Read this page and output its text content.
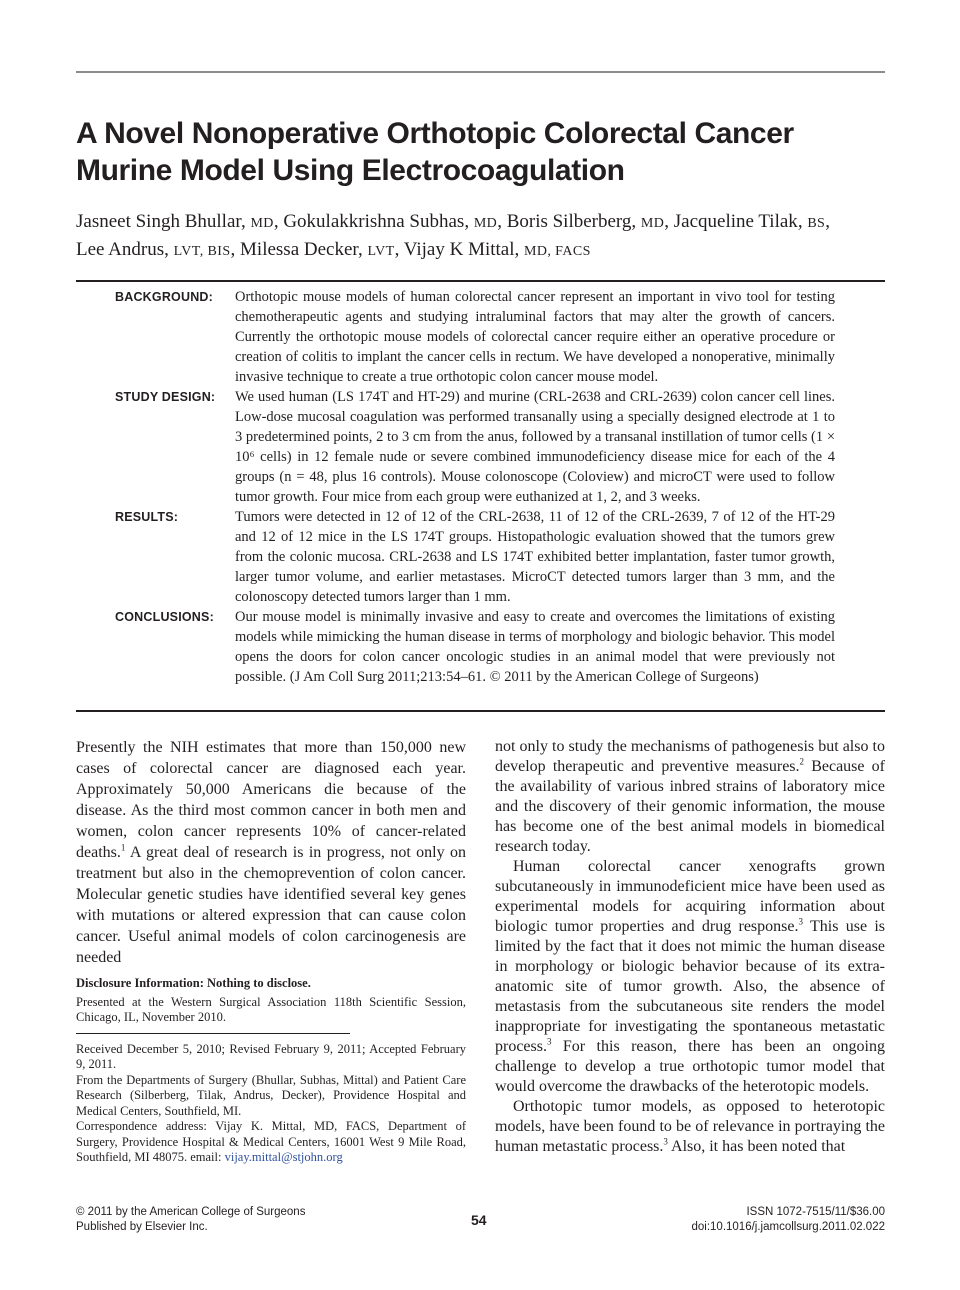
A Novel Nonoperative Orthotopic Colorectal Cancer Murine Model Using Electrocoagulation
Jasneet Singh Bhullar, MD, Gokulakkrishna Subhas, MD, Boris Silberberg, MD, Jacqueline Tilak, BS,
Lee Andrus, LVT, BIS, Milessa Decker, LVT, Vijay K Mittal, MD, FACS
BACKGROUND:	Orthotopic mouse models of human colorectal cancer represent an important in vivo tool for testing chemotherapeutic agents and studying intraluminal factors that may alter the growth of cancers. Currently the orthotopic mouse models of colorectal cancer require either an operative procedure or creation of colitis to implant the cancer cells in rectum. We have developed a nonoperative, minimally invasive technique to create a true orthotopic colon cancer mouse model.
STUDY DESIGN:	We used human (LS 174T and HT-29) and murine (CRL-2638 and CRL-2639) colon cancer cell lines. Low-dose mucosal coagulation was performed transanally using a specially designed electrode at 1 to 3 predetermined points, 2 to 3 cm from the anus, followed by a transanal instillation of tumor cells (1 × 10⁶ cells) in 12 female nude or severe combined immunodeficiency disease mice for each of the 4 groups (n = 48, plus 16 controls). Mouse colonoscope (Coloview) and microCT were used to follow tumor growth. Four mice from each group were euthanized at 1, 2, and 3 weeks.
RESULTS:	Tumors were detected in 12 of 12 of the CRL-2638, 11 of 12 of the CRL-2639, 7 of 12 of the HT-29 and 12 of 12 mice in the LS 174T groups. Histopathologic evaluation showed that the tumors grew from the colonic mucosa. CRL-2638 and LS 174T exhibited better implantation, faster tumor growth, larger tumor volume, and earlier metastases. MicroCT detected tumors larger than 3 mm, and the colonoscopy detected tumors larger than 1 mm.
CONCLUSIONS:	Our mouse model is minimally invasive and easy to create and overcomes the limitations of existing models while mimicking the human disease in terms of morphology and biologic behavior. This model opens the doors for colon cancer oncologic studies in an animal model that were previously not possible. (J Am Coll Surg 2011;213:54–61. © 2011 by the American College of Surgeons)

Presently the NIH estimates that more than 150,000 new cases of colorectal cancer are diagnosed each year. Approximately 50,000 Americans die because of the disease. As the third most common cancer in both men and women, colon cancer represents 10% of cancer-related deaths.$^1$ A great deal of research is in progress, not only on treatment but also in the chemoprevention of colon cancer. Molecular genetic studies have identified several key genes with mutations or altered expression that can cause colon cancer. Useful animal models of colon carcinogenesis are needed

Disclosure Information: Nothing to disclose.

Presented at the Western Surgical Association 118th Scientific Session, Chicago, IL, November 2010.

Received December 5, 2010; Revised February 9, 2011; Accepted February 9, 2011.

From the Departments of Surgery (Bhullar, Subhas, Mittal) and Patient Care Research (Silberberg, Tilak, Andrus, Decker), Providence Hospital and Medical Centers, Southfield, MI.

Correspondence address: Vijay K. Mittal, MD, FACS, Department of Surgery, Providence Hospital & Medical Centers, 16001 West 9 Mile Road, Southfield, MI 48075. email: vijay.mittal@stjohn.org

not only to study the mechanisms of pathogenesis but also to develop therapeutic and preventive measures.$^2$ Because of the availability of various inbred strains of laboratory mice and the discovery of their genomic information, the mouse has become one of the best animal models in biomedical research today.

Human colorectal cancer xenografts grown subcutaneously in immunodeficient mice have been used as experimental models for acquiring information about biologic tumor properties and drug response.$^3$ This use is limited by the fact that it does not mimic the human disease in morphology or biologic behavior because of its extra-anatomic site of tumor growth. Also, the absence of metastasis from the subcutaneous site renders the model inappropriate for investigating the spontaneous metastatic process.$^3$ For this reason, there has been an ongoing challenge to develop a true orthotopic tumor model that would overcome the drawbacks of the heterotopic models.

Orthotopic tumor models, as opposed to heterotopic models, have been found to be of relevance in portraying the human metastatic process.$^3$ Also, it has been noted that

© 2011 by the American College of Surgeons
Published by Elsevier Inc.	54	ISSN 1072-7515/11/$36.00
doi:10.1016/j.jamcollsurg.2011.02.022
